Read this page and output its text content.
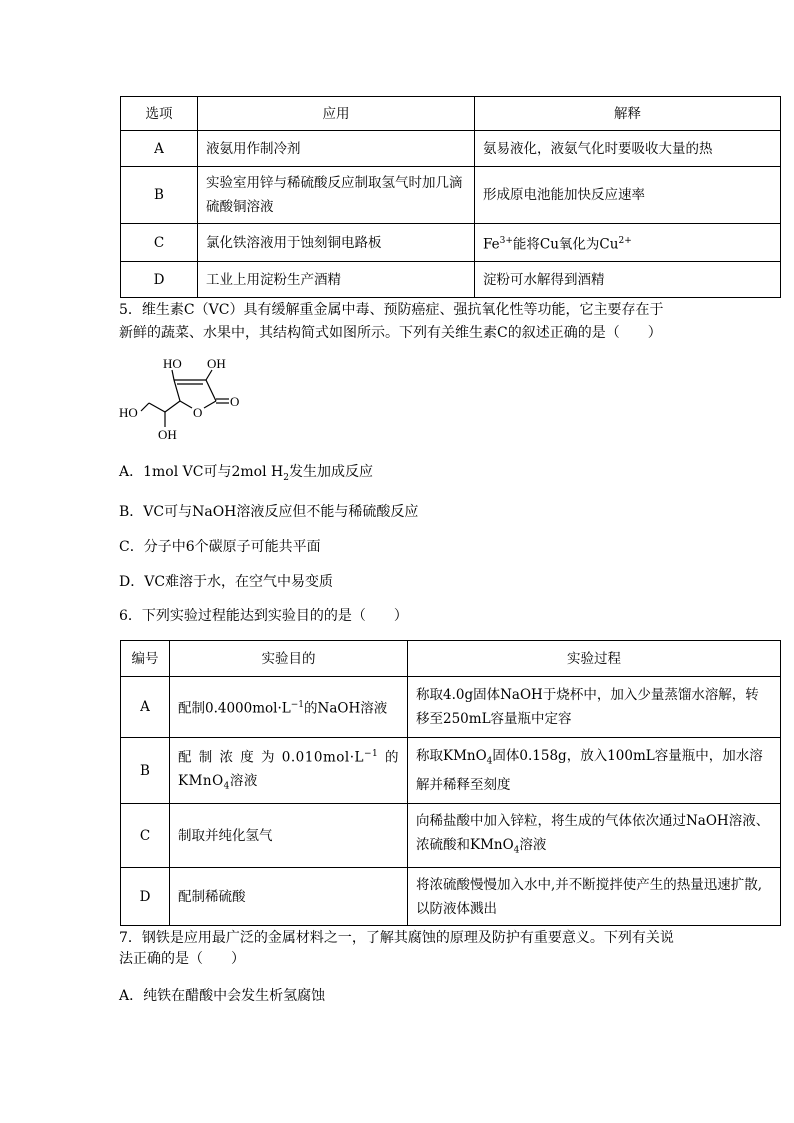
选项	应用	解释
A	液氨用作制冷剂	氨易液化，液氨气化时要吸收大量的热
B	实验室用锌与稀硫酸反应制取氢气时加几滴硫酸铜溶液	形成原电池能加快反应速率
C	氯化铁溶液用于蚀刻铜电路板	$Fe^{3+}$能将Cu氧化为$Cu^{2+}$
D	工业上用淀粉生产酒精	淀粉可水解得到酒精
5．维生素C（VC）具有缓解重金属中毒、预防癌症、强抗氧化性等功能，它主要存在于
新鲜的蔬菜、水果中，其结构简式如图所示。下列有关维生素C的叙述正确的是（　　）
HO OH
HO	O
O
OH
A．1mol VC可与2mol $H_2$发生加成反应
B．VC可与NaOH溶液反应但不能与稀硫酸反应
C．分子中6个碳原子可能共平面
D．VC难溶于水，在空气中易变质
6．下列实验过程能达到实验目的的是（　　）
编号	实验目的	实验过程
A	配制$0.4000mol\cdot L^{-1}$的NaOH溶液	称取4.0g固体NaOH于烧杯中，加入少量蒸馏水溶解，转移至250mL容量瓶中定容
B	配制浓度为$0.010mol\cdot L^{-1}$的KMnO$_4$溶液	称取KMnO$_4$固体0.158g，放入100mL容量瓶中，加水溶解并稀释至刻度
C	制取并纯化氢气	向稀盐酸中加入锌粒，将生成的气体依次通过NaOH溶液、浓硫酸和KMnO$_4$溶液
D	配制稀硫酸	将浓硫酸慢慢加入水中,并不断搅拌使产生的热量迅速扩散,以防液体溅出
7．钢铁是应用最广泛的金属材料之一，了解其腐蚀的原理及防护有重要意义。下列有关说
法正确的是（　　）
A．纯铁在醋酸中会发生析氢腐蚀
